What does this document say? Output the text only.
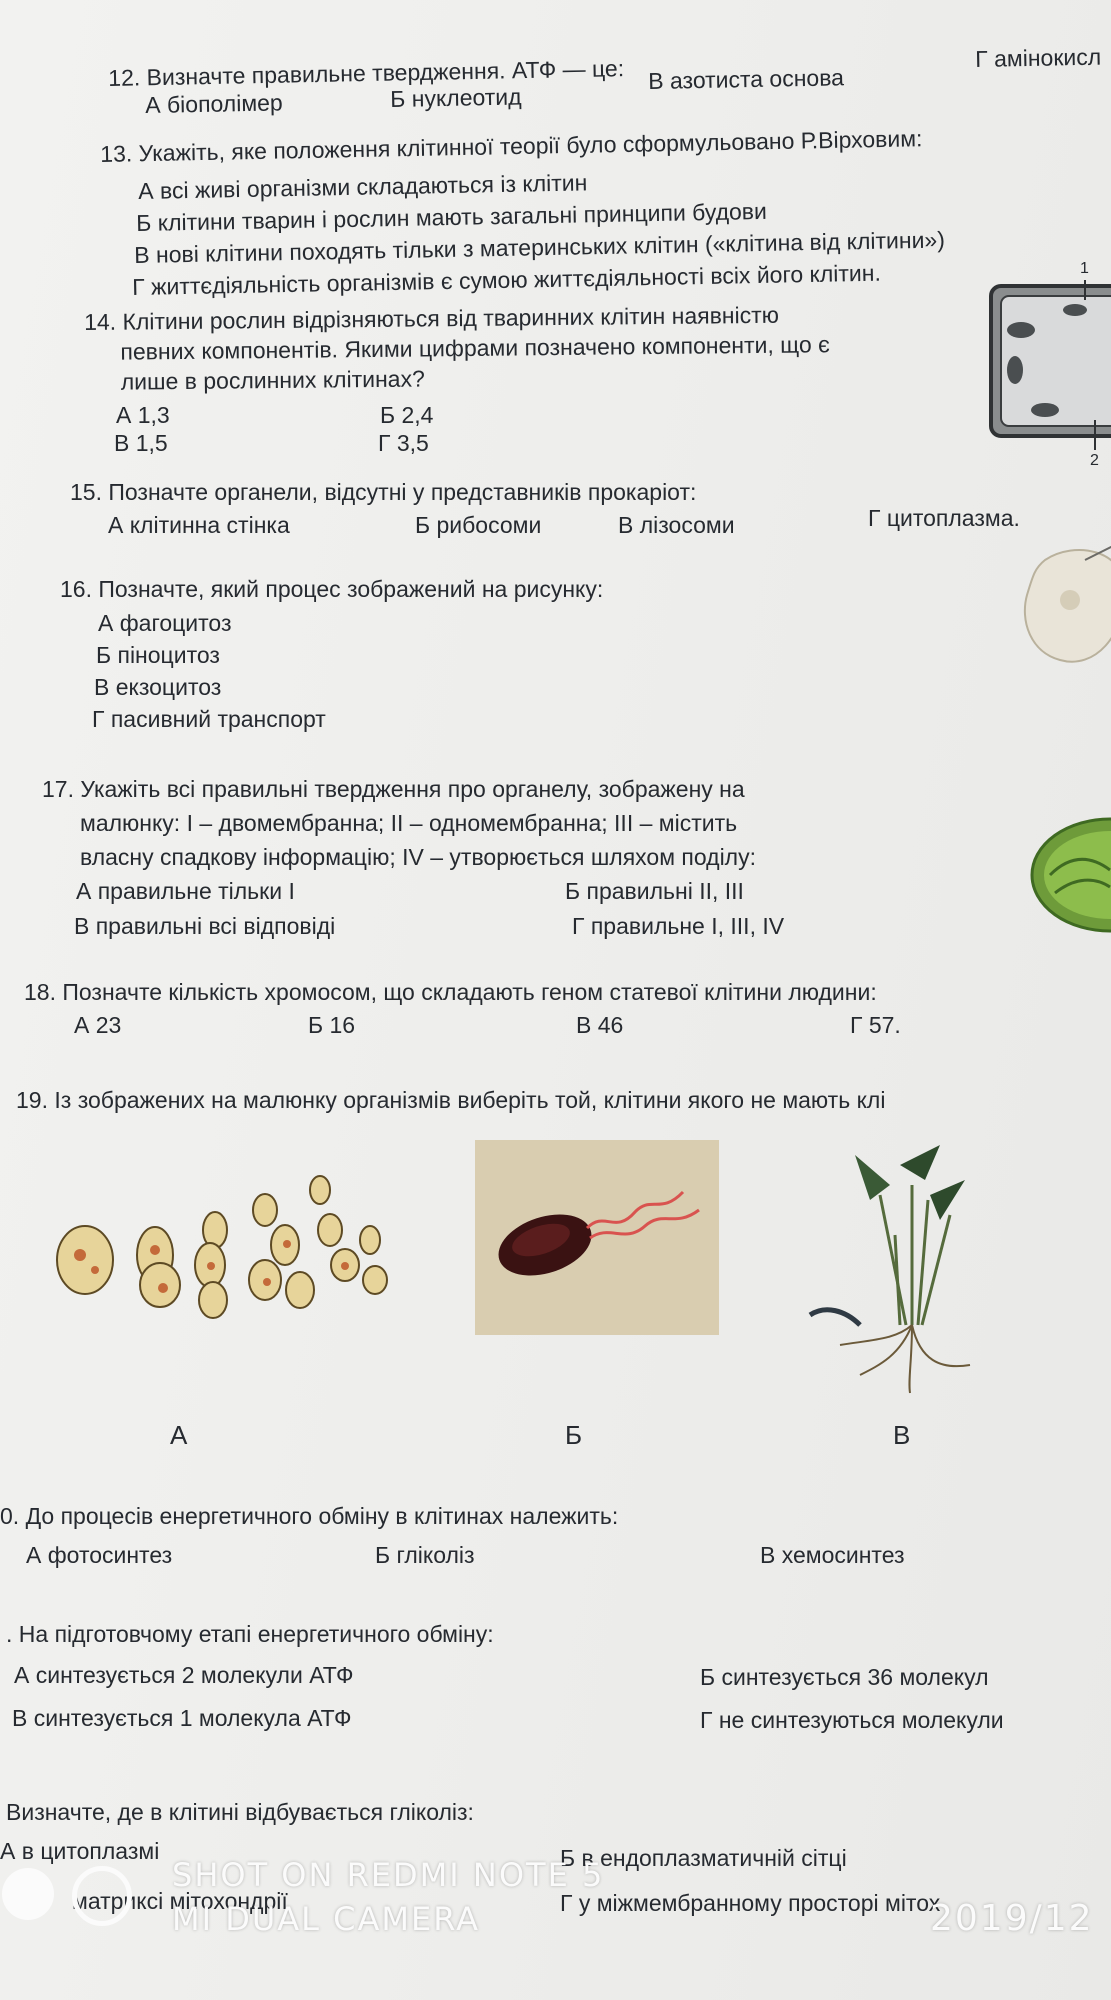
12. Визначте правильне твердження. АТФ — це:
А біополімер	Б нуклеотид
В азотиста основа
Г амінокисл
13. Укажіть, яке положення клітинної теорії було сформульовано Р.Вірховим:
А всі живі організми складаються із клітин
Б клітини тварин і рослин мають загальні принципи будови
В нові клітини походять тільки з материнських клітин («клітина від клітини»)
Г життєдіяльність організмів є сумою життєдіяльності всіх його клітин.
14. Клітини рослин відрізняються від тваринних клітин наявністю
певних компонентів. Якими цифрами позначено компоненти, що є
лише в рослинних клітинах?
А 1,3	Б 2,4
В 1,5	Г 3,5
1
2
15. Позначте органели, відсутні у представників прокаріот:
А клітинна стінка	Б рибосоми	В лізосоми	Г цитоплазма.
16. Позначте, який процес зображений на рисунку:
А фагоцитоз
Б піноцитоз
В екзоцитоз
Г пасивний транспорт
17. Укажіть всі правильні твердження про органелу, зображену на
малюнку: І – двомембранна; ІІ – одномембранна; ІІІ – містить
власну спадкову інформацію; IV – утворюється шляхом поділу:
А правильне тільки І	Б правильні ІІ, ІІІ
В правильні всі відповіді	Г правильне І, ІІІ, IV
18. Позначте кількість хромосом, що складають геном статевої клітини людини:
А 23	Б 16	В 46	Г 57.
19. Із зображених на малюнку організмів виберіть той, клітини якого не мають клі
А	Б	В
0. До процесів енергетичного обміну в клітинах належить:
А фотосинтез	Б гліколіз	В хемосинтез
. На підготовчому етапі енергетичного обміну:
А синтезується 2 молекули АТФ	Б синтезується 36 молекул
В синтезується 1 молекула АТФ	Г не синтезуються молекули
Визначте, де в клітині відбувається гліколіз:
А в цитоплазмі	Б в ендоплазматичній сітці
матриксі мітохондрії	Г у міжмембранному просторі мітох
SHOT ON REDMI NOTE 5
MI DUAL CAMERA	2019/12
